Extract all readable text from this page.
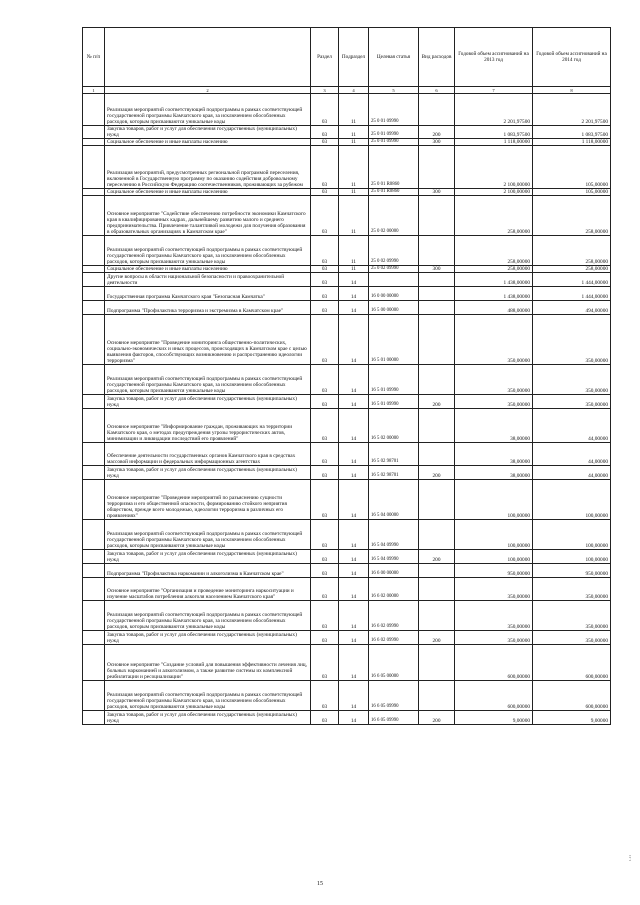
№ п/п		Раздел	Подраздел	Целевая статья	Вид расходов	Годовой объем ассигнований на 2013 год	Годовой объем ассигнований на 2014 год
1	2	3	4	5	6	7	8
	Реализация мероприятий соответствующей подпрограммы в рамках соответствующей государственной программы Камчатского края, за исключением обособленных расходов, которым присваиваются уникальные коды	03	11	25 0 01 09990		2 201,97500	2 201,97500
	Закупка товаров, работ и услуг для обеспечения государственных (муниципальных) нужд	03	11	25 0 01 09990	200	1 083,97500	1 083,97500
	Социальное обеспечение и иные выплаты населению	03	11	25 0 01 09990	300	1 118,00000	1 118,00000
	Реализация мероприятий, предусмотренных региональной программой переселения, включенной в Государственную программу по оказанию содействия добровольному переселению в Российскую Федерацию соотечественников, проживающих за рубежом	03	11	25 0 01 R0860		2 100,00000	105,00000
	Социальное обеспечение и иные выплаты населению	03	11	25 0 01 R0860	300	2 100,00000	105,00000
	Основное мероприятие "Содействие обеспечению потребности экономики Камчатского края в квалифицированных кадрах, дальнейшему развитию малого и среднего предпринимательства. Привлечение талантливой молодежи для получения образования в образовательных организациях в Камчатском крае"	03	11	25 0 02 00000		258,00000	258,00000
	Реализация мероприятий соответствующей подпрограммы в рамках соответствующей государственной программы Камчатского края, за исключением обособленных расходов, которым присваиваются уникальные коды	03	11	25 0 02 09990		258,00000	258,00000
	Социальное обеспечение и иные выплаты населению	03	11	25 0 02 09990	300	258,00000	258,00000
	Другие вопросы в области национальной безопасности и правоохранительной деятельности	03	14			1 438,00000	1 444,00000
	Государственная программа Камчатского края "Безопасная Камчатка"	03	14	16 0 00 00000		1 438,00000	1 444,00000
	Подпрограмма "Профилактика терроризма и экстремизма в Камчатском крае"	03	14	16 5 00 00000		488,00000	494,00000
	Основное мероприятие "Проведение мониторинга общественно-политических, социально-экономических и иных процессов, происходящих в Камчатском крае с целью выявления факторов, способствующих возникновению и распространению идеологии терроризма"	03	14	16 5 01 00000		350,00000	350,00000
	Реализация мероприятий соответствующей подпрограммы в рамках соответствующей государственной программы Камчатского края, за исключением обособленных расходов, которым присваиваются уникальные коды	03	14	16 5 01 09990		350,00000	350,00000
	Закупка товаров, работ и услуг для обеспечения государственных (муниципальных) нужд	03	14	16 5 01 09990	200	350,00000	350,00000
	Основное мероприятие "Информирование граждан, проживающих на территории Камчатского края, о методах предупреждения угрозы террористических актов, минимизации и ликвидации последствий его проявлений"	03	14	16 5 02 00000		38,00000	44,00000
	Обеспечение деятельности государственных органов Камчатского края в средствах массовой информации и федеральных информационных агентствах	03	14	16 5 02 98701		38,00000	44,00000
	Закупка товаров, работ и услуг для обеспечения государственных (муниципальных) нужд	03	14	16 5 02 98701	200	38,00000	44,00000
	Основное мероприятие "Проведение мероприятий по разъяснению сущности терроризма и его общественной опасности, формированию стойкого неприятия обществом, прежде всего молодежью, идеологии терроризма в различных его проявлениях"	03	14	16 5 04 00000		100,00000	100,00000
	Реализация мероприятий соответствующей подпрограммы в рамках соответствующей государственной программы Камчатского края, за исключением обособленных расходов, которым присваиваются уникальные коды	03	14	16 5 04 09990		100,00000	100,00000
	Закупка товаров, работ и услуг для обеспечения государственных (муниципальных) нужд	03	14	16 5 04 09990	200	100,00000	100,00000
	Подпрограмма "Профилактика наркомании и алкоголизма в Камчатском крае"	03	14	16 6 00 00000		950,00000	950,00000
	Основное мероприятие "Организация и проведение мониторинга наркоситуации и изучение масштабов потребления алкоголя населением Камчатского края"	03	14	16 6 02 00000		350,00000	350,00000
	Реализация мероприятий соответствующей подпрограммы в рамках соответствующей государственной программы Камчатского края, за исключением обособленных расходов, которым присваиваются уникальные коды	03	14	16 6 02 09990		350,00000	350,00000
	Закупка товаров, работ и услуг для обеспечения государственных (муниципальных) нужд	03	14	16 6 02 09990	200	350,00000	350,00000
	Основное мероприятие "Создание условий для повышения эффективности лечения лиц, больных наркоманией и алкоголизмом, а также развитие системы их комплексной реабилитации и ресоциализации"	03	14	16 6 05 00000		600,00000	600,00000
	Реализация мероприятий соответствующей подпрограммы в рамках соответствующей государственной программы Камчатского края, за исключением обособленных расходов, которым присваиваются уникальные коды	03	14	16 6 05 09990		600,00000	600,00000
	Закупка товаров, работ и услуг для обеспечения государственных (муниципальных) нужд	03	14	16 6 05 09990	200	9,00000	9,00000
15
1-11
